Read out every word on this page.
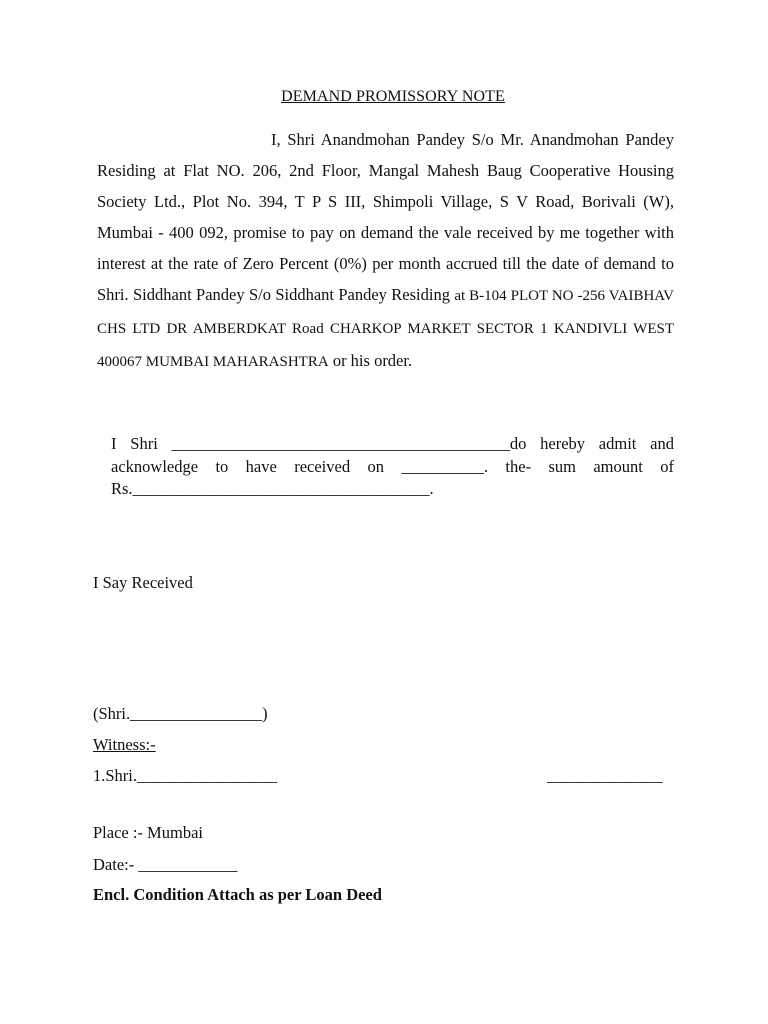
DEMAND PROMISSORY NOTE
I, Shri Anandmohan Pandey S/o Mr. Anandmohan Pandey Residing at Flat NO. 206, 2nd Floor, Mangal Mahesh Baug Cooperative Housing Society Ltd., Plot No. 394, T P S III, Shimpoli Village, S V Road, Borivali (W), Mumbai - 400 092, promise to pay on demand the vale received by me together with interest at the rate of Zero Percent (0%) per month accrued till the date of demand to Shri. Siddhant Pandey S/o Siddhant Pandey Residing at B-104 PLOT NO -256 VAIBHAV CHS LTD DR AMBERDKAT Road CHARKOP MARKET SECTOR 1 KANDIVLI WEST 400067 MUMBAI MAHARASHTRA or his order.
I Shri _________________________________________do hereby admit and acknowledge to have received on __________. the- sum amount of Rs.____________________________________.
I Say Received
(Shri.________________)
Witness:-
1.Shri._________________	______________
Place :- Mumbai
Date:- ____________
Encl. Condition Attach as per Loan Deed
